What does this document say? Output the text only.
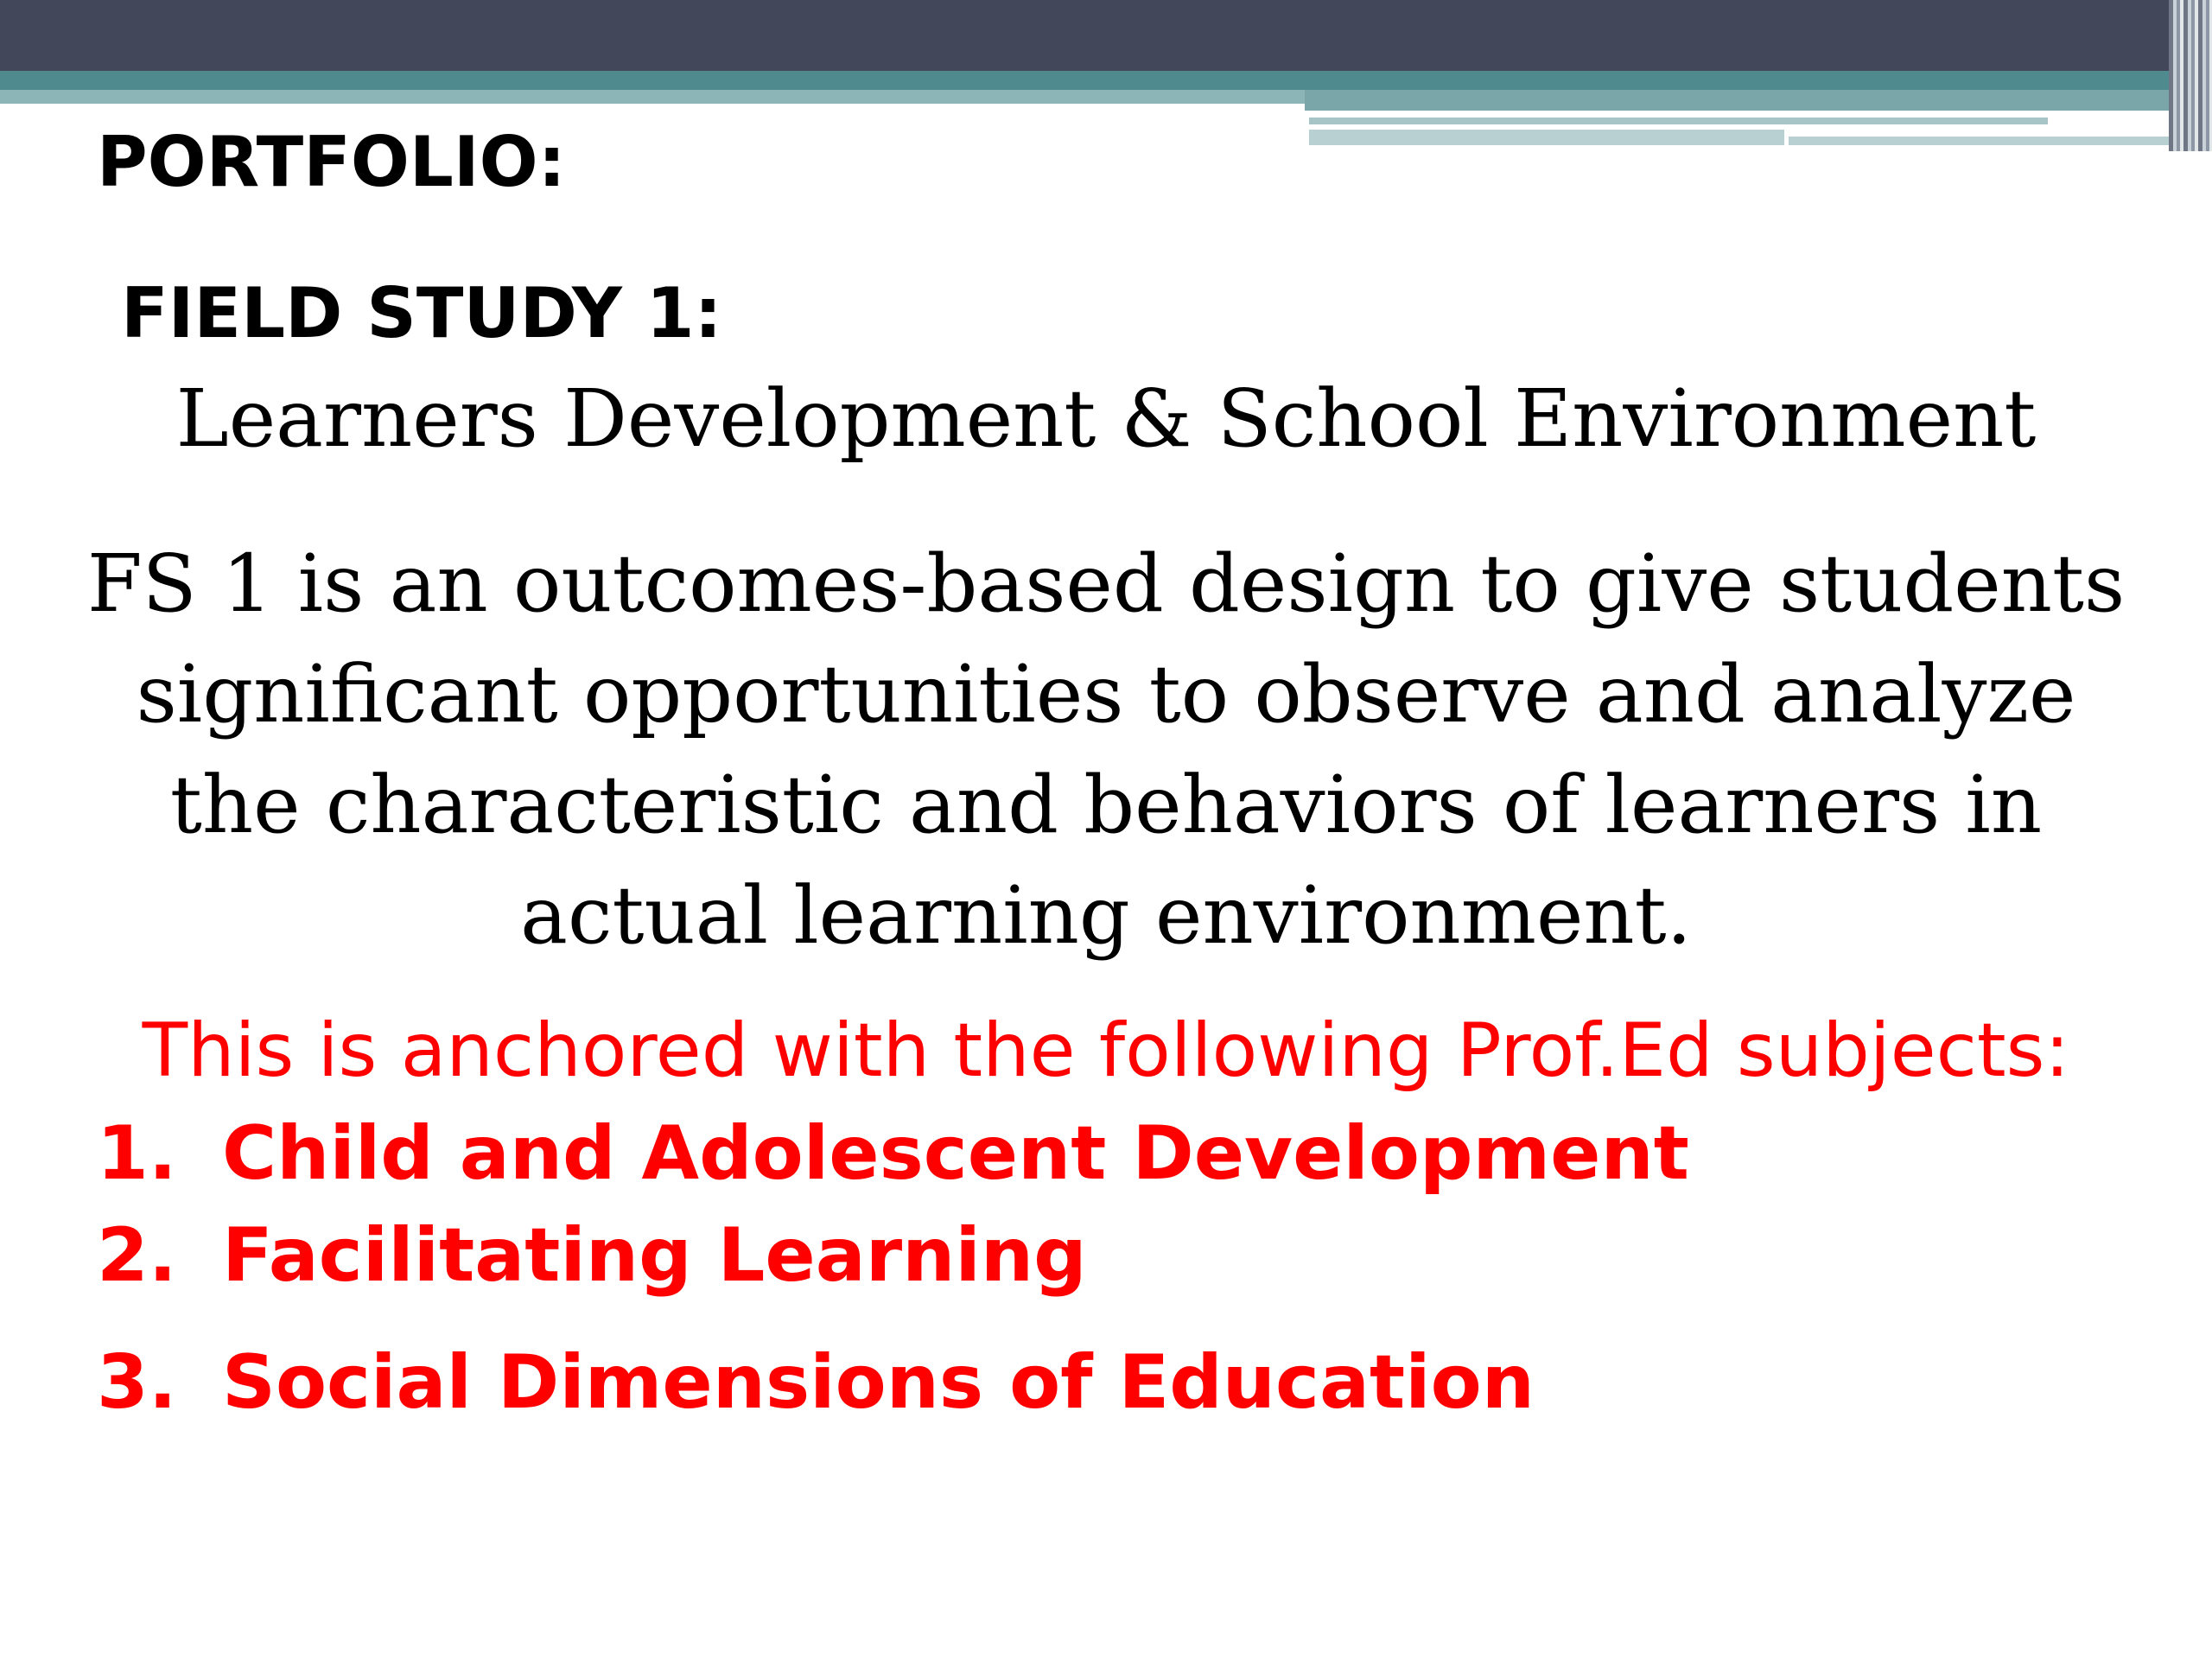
PORTFOLIO:
FIELD STUDY 1:

Learners Development & School Environment

FS 1 is an outcomes-based design to give students significant opportunities to observe and analyze the characteristic and behaviors of learners in actual learning environment.

This is anchored with the following Prof.Ed subjects:

1. Child and Adolescent Development
2. Facilitating Learning
3. Social Dimensions of Education
